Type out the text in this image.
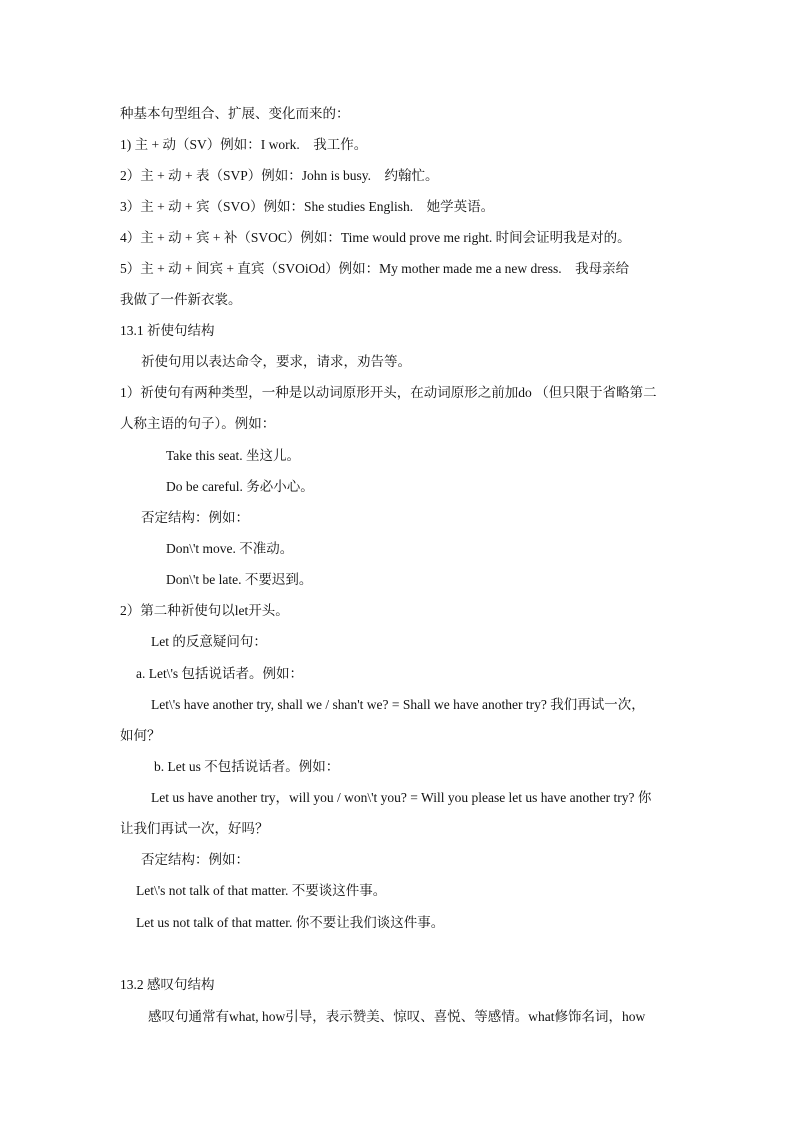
种基本句型组合、扩展、变化而来的：
1) 主 + 动（SV）例如：I work.　我工作。
2）主 + 动 + 表（SVP）例如：John is busy.　约翰忙。
3）主 + 动 + 宾（SVO）例如：She studies English.　她学英语。
4）主 + 动 + 宾 + 补（SVOC）例如：Time would prove me right. 时间会证明我是对的。
5）主 + 动 + 间宾 + 直宾（SVOiOd）例如：My mother made me a new dress.　我母亲给
我做了一件新衣裳。
13.1 祈使句结构
祈使句用以表达命令，要求，请求，劝告等。
1）祈使句有两种类型，一种是以动词原形开头，在动词原形之前加do （但只限于省略第二
人称主语的句子）。例如：
Take this seat. 坐这儿。
Do be careful. 务必小心。
否定结构：例如：
Don\'t move. 不准动。
Don\'t be late. 不要迟到。
2）第二种祈使句以let开头。
Let 的反意疑问句：
a. Let\'s 包括说话者。例如：
Let\'s have another try, shall we / shan't we? = Shall we have another try? 我们再试一次，
如何？
b. Let us 不包括说话者。例如：
Let us have another try，will you / won\'t you? = Will you please let us have another try? 你
让我们再试一次，好吗？
否定结构：例如：
Let\'s not talk of that matter. 不要谈这件事。
Let us not talk of that matter. 你不要让我们谈这件事。
13.2 感叹句结构
感叹句通常有what, how引导，表示赞美、惊叹、喜悦、等感情。what修饰名词，how
